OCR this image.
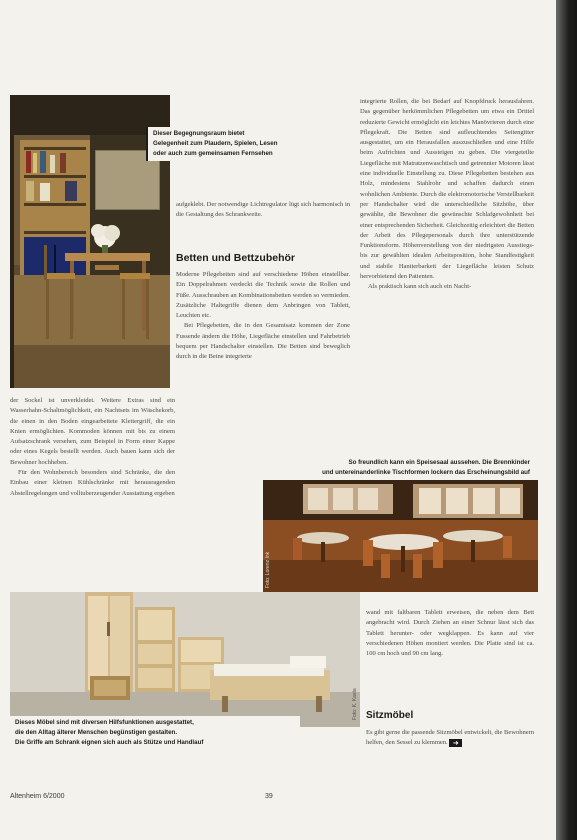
Dieser Begegnungsraum bietet
Gelegenheit zum Plaudern, Spielen, Lesen
oder auch zum gemeinsamen Fernsehen

aufgeklebt. Der notwendige Lichtregulator lügt sich harmonisch in die Gestaltung des Schrankweite.

Betten und Bettzubehör

Moderne Pflegebetten sind auf verschiedene Höhen einstellbar. Ein Doppelrahmen verdeckt die Technik sowie die Rollen und Füße. Ausschrauben an Kombinationsbetten werden so vermieden. Zusätzliche Haltegriffe dienen dem Anbringen von Tablett, Leuchten etc.

Bei Pflegebetten, die in den Gesamtsatz kommen der Zone Fussende ändern die Höhe, Liegefläche einstellen und Fahrbetrieb bequem per Handschalter einstellen. Die Betten sind beweglich durch in die Beine integrierte

integrierte Rollen, die bei Bedarf auf Knopfdruck herausfahren. Das gegenüber herkömmlichen Pflegebetten um etwa ein Drittel reduzierte Gewicht ermöglicht ein leichtes Manövrieren durch eine Pflegekraft. Die Betten sind aufleuchtendes Seitengitter ausgestattet, um ein Herausfallen auszuschließen und eine Hilfe beim Aufrichten und Aussteigen zu geben. Die viergeteilte Liegefläche mit Matratzenwaschtisch und getrennter Motoren lässt eine individuelle Einstellung zu. Diese Pflegebetten bestehen aus Holz, mindestens Stahlrohr und schaffen dadurch einen wohnlichen Ambiente. Durch die elektromotorische Verstellbarkeit per Handschalter wird die unterschiedliche Sitzhöhe, über gewählte, die Bewohner die gewünschte Schlafgewohnheit bei einer entsprechenden Sicherheit. Gleichzeitig erleichtert die Betten der Arbeit des Pflegepersonals durch ihre unterstützende Funktionsform. Höhenverstellung von der niedrigsten Ausstiegs-bis zur gewählten idealen Arbeitsposition, hohe Standfestigkeit und stabile Hantierbarkeit der Liegefläche leisten Schutz hervorbietend den Patienten.

Als praktisch kann sich auch ein Nacht-

der Sockel ist unverkleidet. Weitere Extras sind ein Wasserhahn-Schaltmöglichkeit, ein Nachtsets im Wäschekorb, die einen in den Boden eingearbeitete Klettergriff, die ein Knien ermöglichten. Kommoden können mit bis zu einem Aufsatzschrank versehen, zum Beispiel in Form einer Kappe oder eines Kegels bestellt werden. Auch bauen kann sich der Bewohner hochheben.

Für den Wohnbereich besonders sind Schränke, die den Einbau einer kleinen Kühlschränke mit herausragenden Abstellregelungen und volltuberzeugender Ausstattung ergeben

So freundlich kann ein Speisesaal aussehen. Die Brennkinder
und untereinanderlinke Tischformen lockern das Erscheinungsbild auf
Foto: Lorenz Ink
Foto: K. Kasta
Dieses Möbel sind mit diversen Hilfsfunktionen ausgestattet,
die den Alltag älterer Menschen begünstigen gestalten.
Die Griffe am Schrank eignen sich auch als Stütze und Handlauf

wand mit faltbaren Tablett erweisen, die neben dem Bett angebracht wird. Durch Ziehen an einer Schnur lässt sich das Tablett herunter- oder wegklappen. Es kann auf vier verschiedenen Höhen montiert werden. Die Platte sind ist ca. 100 cm hoch und 90 cm lang.

Sitzmöbel

Es gibt gerne die passende Sitzmöbel entwickelt, die Bewohnern helfen, den Sessel zu klemmen. ➜

Altenheim 6/2000	39
